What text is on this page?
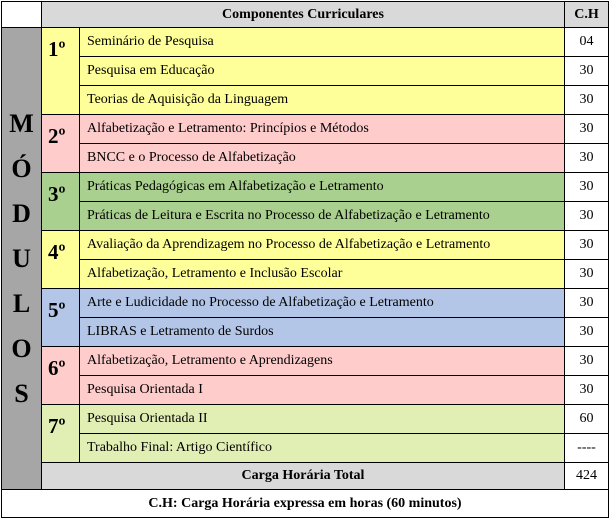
Componentes Curriculares	C.H
1º	Seminário de Pesquisa	04
Pesquisa em Educação	30
Teorias de Aquisição da Linguagem	30
2º	Alfabetização e Letramento: Princípios e Métodos	30
BNCC e o Processo de Alfabetização	30
3º	Práticas Pedagógicas em Alfabetização e Letramento	30
Práticas de Leitura e Escrita no Processo de Alfabetização e Letramento	30
4º	Avaliação da Aprendizagem no Processo de Alfabetização e Letramento	30
Alfabetização, Letramento e Inclusão Escolar	30
5º	Arte e Ludicidade no Processo de Alfabetização e Letramento	30
LIBRAS e Letramento de Surdos	30
6º	Alfabetização, Letramento e Aprendizagens	30
Pesquisa Orientada I	30
7º	Pesquisa Orientada II	60
Trabalho Final: Artigo Científico	----
Carga Horária Total	424
M
Ó
D
U
L
O
S
C.H: Carga Horária expressa em horas (60 minutos)
